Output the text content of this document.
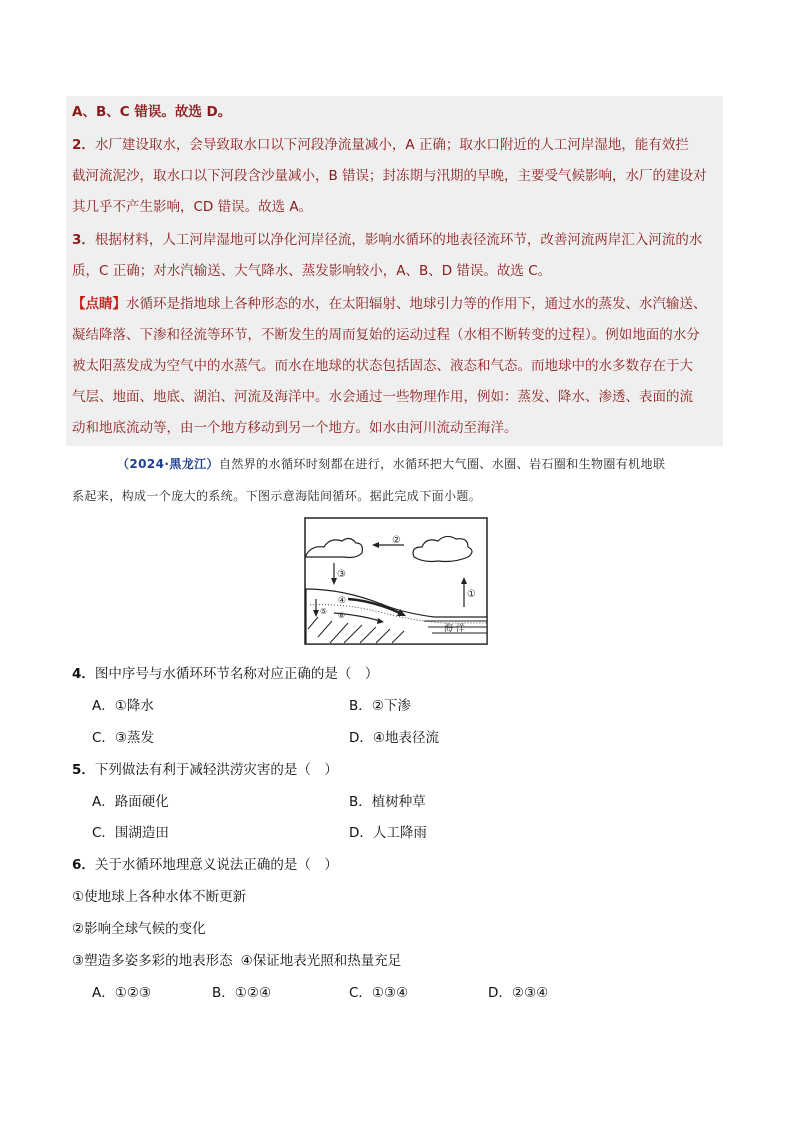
A、B、C 错误。故选 D。
2．水厂建设取水，会导致取水口以下河段净流量减小，A 正确；取水口附近的人工河岸湿地，能有效拦
截河流泥沙，取水口以下河段含沙量减小，B 错误；封冻期与汛期的早晚，主要受气候影响，水厂的建设对
其几乎不产生影响，CD 错误。故选 A。
3．根据材料，人工河岸湿地可以净化河岸径流，影响水循环的地表径流环节，改善河流两岸汇入河流的水
质，C 正确；对水汽输送、大气降水、蒸发影响较小，A、B、D 错误。故选 C。
【点睛】水循环是指地球上各种形态的水，在太阳辐射、地球引力等的作用下，通过水的蒸发、水汽输送、
凝结降落、下渗和径流等环节，不断发生的周而复始的运动过程（水相不断转变的过程）。例如地面的水分
被太阳蒸发成为空气中的水蒸气。而水在地球的状态包括固态、液态和气态。而地球中的水多数存在于大
气层、地面、地底、湖泊、河流及海洋中。水会通过一些物理作用，例如：蒸发、降水、渗透、表面的流
动和地底流动等，由一个地方移动到另一个地方。如水由河川流动至海洋。
（2024·黑龙江）自然界的水循环时刻都在进行，水循环把大气圈、水圈、岩石圈和生物圈有机地联
系起来，构成一个庞大的系统。下图示意海陆间循环。据此完成下面小题。
②
③
①
海 洋
④
⑥
⑤
4．图中序号与水循环环节名称对应正确的是（　）
A．①降水	B．②下渗
C．③蒸发	D．④地表径流
5．下列做法有利于减轻洪涝灾害的是（　）
A．路面硬化	B．植树种草
C．围湖造田	D．人工降雨
6．关于水循环地理意义说法正确的是（　）
①使地球上各种水体不断更新
②影响全球气候的变化
③塑造多姿多彩的地表形态 ④保证地表光照和热量充足
A．①②③	B．①②④	C．①③④	D．②③④
